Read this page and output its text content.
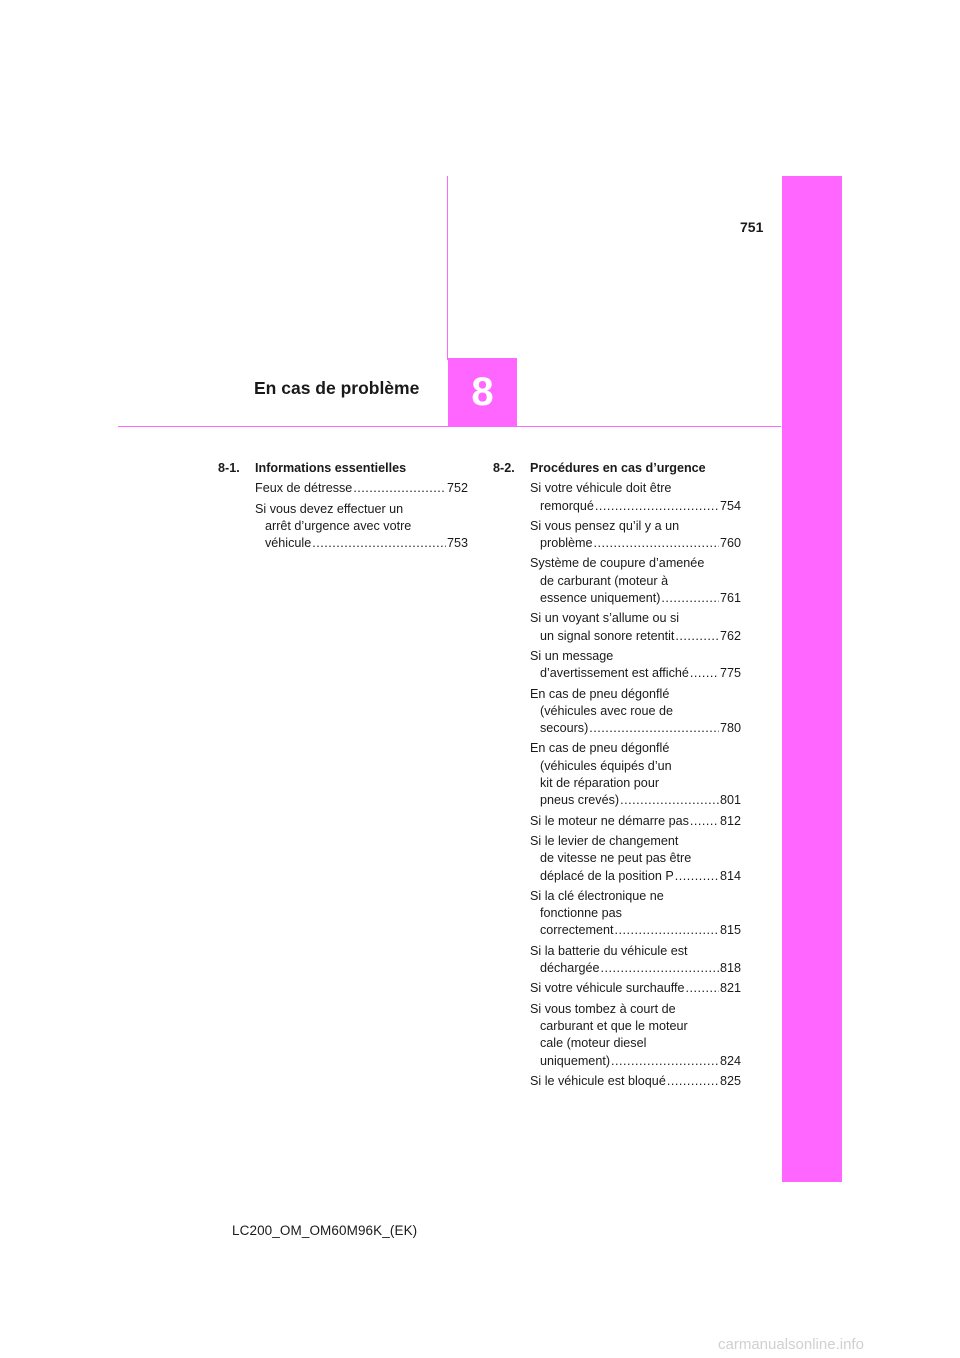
751
En cas de problème	8
8-1.	Informations essentielles
Feux de détresse .....	752
Si vous devez effectuer un
arrêt d’urgence avec votre
véhicule .....	753
8-2.	Procédures en cas d’urgence
Si votre véhicule doit être
remorqué .....	754
Si vous pensez qu’il y a un
problème .....	760
Système de coupure d’amenée
de carburant (moteur à
essence uniquement) .....	761
Si un voyant s’allume ou si
un signal sonore retentit .....	762
Si un message
d’avertissement est affiché ..... 775
En cas de pneu dégonflé
(véhicules avec roue de
secours) .....	780
En cas de pneu dégonflé
(véhicules équipés d’un
kit de réparation pour
pneus crevés) .....	801
Si le moteur ne démarre pas ..... 812
Si le levier de changement
de vitesse ne peut pas être
déplacé de la position P .....	814
Si la clé électronique ne
fonctionne pas
correctement .....	815
Si la batterie du véhicule est
déchargée .....	818
Si votre véhicule surchauffe .....	821
Si vous tombez à court de
carburant et que le moteur
cale (moteur diesel
uniquement) .....	824
Si le véhicule est bloqué .....	825
LC200_OM_OM60M96K_(EK)
carmanualsonline.info
